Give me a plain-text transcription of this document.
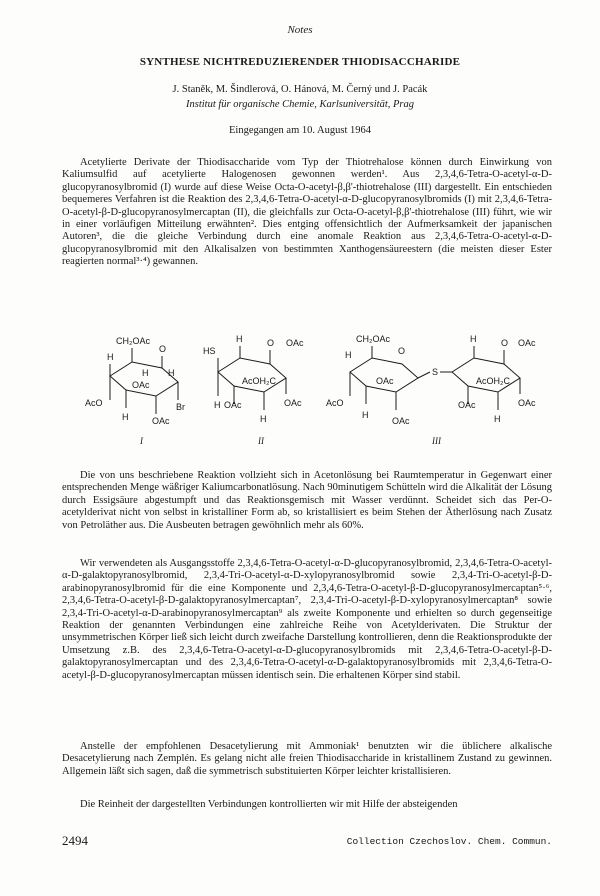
Notes
SYNTHESE NICHTREDUZIERENDER THIODISACCHARIDE
J. Staněk, M. Šindlerová, O. Hánová, M. Černý und J. Pacák
Institut für organische Chemie, Karlsuniversität, Prag
Eingegangen am 10. August 1964
Acetylierte Derivate der Thiodisaccharide vom Typ der Thiotrehalose können durch Einwirkung von Kaliumsulfid auf acetylierte Halogenosen gewonnen werden¹. Aus 2,3,4,6-Tetra-O-acetyl-α-D-glucopyranosylbromid (I) wurde auf diese Weise Octa-O-acetyl-β,β'-thiotrehalose (III) dargestellt. Ein entschieden bequemeres Verfahren ist die Reaktion des 2,3,4,6-Tetra-O-acetyl-α-D-glucopyranosylbromids (I) mit 2,3,4,6-Tetra-O-acetyl-β-D-glucopyranosylmercaptan (II), die gleichfalls zur Octa-O-acetyl-β,β'-thiotrehalose (III) führt, wie wir in einer vorläufigen Mitteilung erwähnten². Dies entging offensichtlich der Aufmerksamkeit der japanischen Autoren³, die die gleiche Verbindung durch eine anomale Reaktion aus 2,3,4,6-Tetra-O-acetyl-α-D-glucopyranosylbromid mit den Alkalisalzen von bestimmten Xanthogensäureestern (die meisten dieser Ester reagierten normal³·⁴) gewannen.
CH₂OAc
H
O
OAc
H
AcO
OAc
H
Br
H
I
HS
H	O OAc
OAc
AcOH₂C
OAc
H
H
II
CH₂OAc
H	O
OAc
AcO
OAc
H
S
H	O OAc
AcOH₂C
OAc	OAc
H
III
Die von uns beschriebene Reaktion vollzieht sich in Acetonlösung bei Raumtemperatur in Gegenwart einer entsprechenden Menge wäßriger Kaliumcarbonatlösung. Nach 90minutigem Schütteln wird die Alkalität der Lösung durch Essigsäure abgestumpft und das Reaktionsgemisch mit Wasser verdünnt. Scheidet sich das Per-O-acetylderivat nicht von selbst in kristalliner Form ab, so kristallisiert es beim Stehen der Ätherlösung nach Zusatz von Petroläther aus. Die Ausbeuten betragen gewöhnlich mehr als 60%.
Wir verwendeten als Ausgangsstoffe 2,3,4,6-Tetra-O-acetyl-α-D-glucopyranosylbromid, 2,3,4,6-Tetra-O-acetyl-α-D-galaktopyranosylbromid, 2,3,4-Tri-O-acetyl-α-D-xylopyranosylbromid sowie 2,3,4-Tri-O-acetyl-β-D-arabinopyranosylbromid für die eine Komponente und 2,3,4,6-Tetra-O-acetyl-β-D-glucopyranosylmercaptan⁵·⁶, 2,3,4,6-Tetra-O-acetyl-β-D-galaktopyranosylmercaptan⁷, 2,3,4-Tri-O-acetyl-β-D-xylopyranosylmercaptan⁸ sowie 2,3,4-Tri-O-acetyl-α-D-arabinopyranosylmercaptan⁹ als zweite Komponente und erhielten so durch gegenseitige Reaktion der genannten Verbindungen eine zahlreiche Reihe von Acetylderivaten. Die Struktur der unsymmetrischen Körper ließ sich leicht durch zweifache Darstellung kontrollieren, denn die Reaktionsprodukte der Umsetzung z.B. des 2,3,4,6-Tetra-O-acetyl-α-D-glucopyranosylbromids mit 2,3,4,6-Tetra-O-acetyl-β-D-galaktopyranosylmercaptan und des 2,3,4,6-Tetra-O-acetyl-α-D-galaktopyranosylbromids mit 2,3,4,6-Tetra-O-acetyl-β-D-glucopyranosylmercaptan müssen identisch sein. Die erhaltenen Körper sind stabil.
Anstelle der empfohlenen Desacetylierung mit Ammoniak¹ benutzten wir die üblichere alkalische Desacetylierung nach Zemplén. Es gelang nicht alle freien Thiodisaccharide in kristallinem Zustand zu gewinnen. Allgemein läßt sich sagen, daß die symmetrisch substituierten Körper leichter kristallisieren.
Die Reinheit der dargestellten Verbindungen kontrollierten wir mit Hilfe der absteigenden
2494	Collection Czechoslov. Chem. Commun.
